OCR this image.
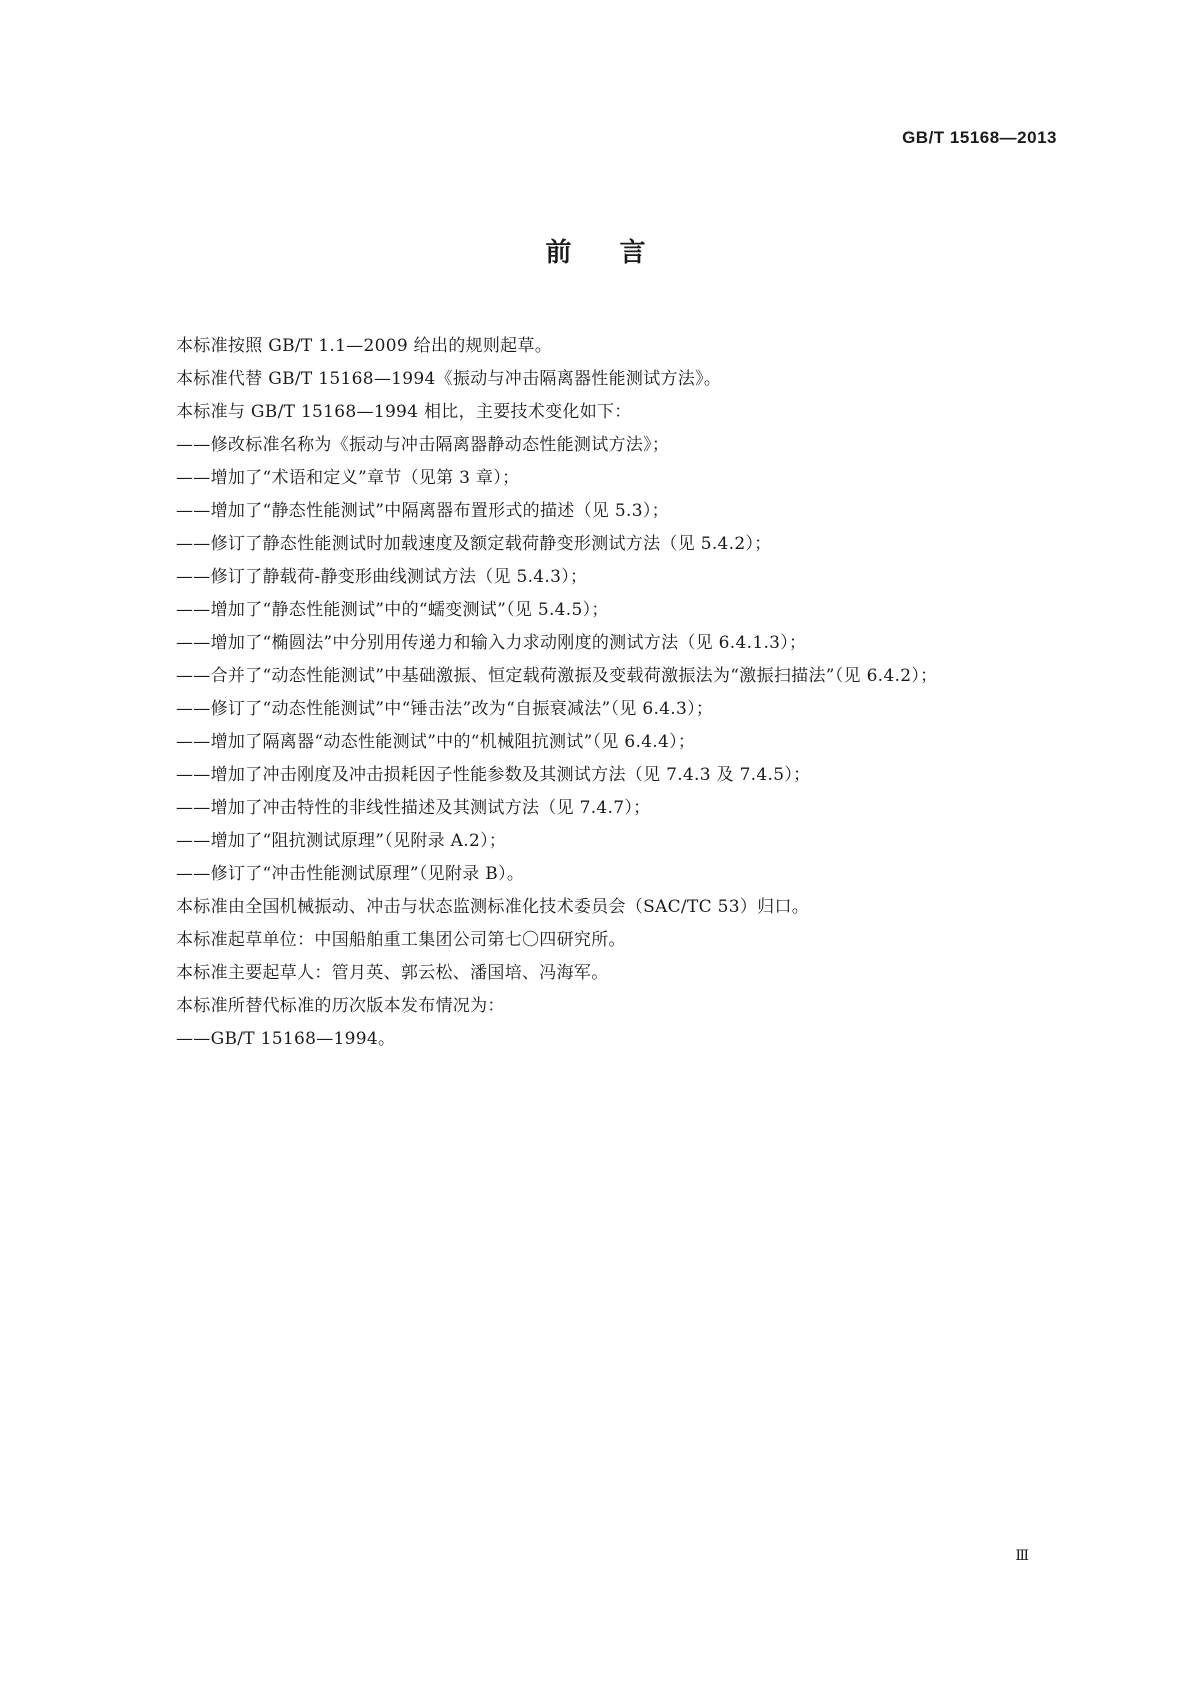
GB/T 15168—2013
前言
本标准按照 GB/T 1.1—2009 给出的规则起草。
本标准代替 GB/T 15168—1994《振动与冲击隔离器性能测试方法》。
本标准与 GB/T 15168—1994 相比，主要技术变化如下：
——修改标准名称为《振动与冲击隔离器静动态性能测试方法》；
——增加了“术语和定义”章节（见第 3 章）；
——增加了“静态性能测试”中隔离器布置形式的描述（见 5.3）；
——修订了静态性能测试时加载速度及额定载荷静变形测试方法（见 5.4.2）；
——修订了静载荷-静变形曲线测试方法（见 5.4.3）；
——增加了“静态性能测试”中的“蠕变测试”（见 5.4.5）；
——增加了“椭圆法”中分别用传递力和输入力求动刚度的测试方法（见 6.4.1.3）；
——合并了“动态性能测试”中基础激振、恒定载荷激振及变载荷激振法为“激振扫描法”（见 6.4.2）；
——修订了“动态性能测试”中“锤击法”改为“自振衰减法”（见 6.4.3）；
——增加了隔离器“动态性能测试”中的“机械阻抗测试”（见 6.4.4）；
——增加了冲击刚度及冲击损耗因子性能参数及其测试方法（见 7.4.3 及 7.4.5）；
——增加了冲击特性的非线性描述及其测试方法（见 7.4.7）；
——增加了“阻抗测试原理”（见附录 A.2）；
——修订了“冲击性能测试原理”（见附录 B）。
本标准由全国机械振动、冲击与状态监测标准化技术委员会（SAC/TC 53）归口。
本标准起草单位：中国船舶重工集团公司第七〇四研究所。
本标准主要起草人：管月英、郭云松、潘国培、冯海军。
本标准所替代标准的历次版本发布情况为：
——GB/T 15168—1994。
Ⅲ
